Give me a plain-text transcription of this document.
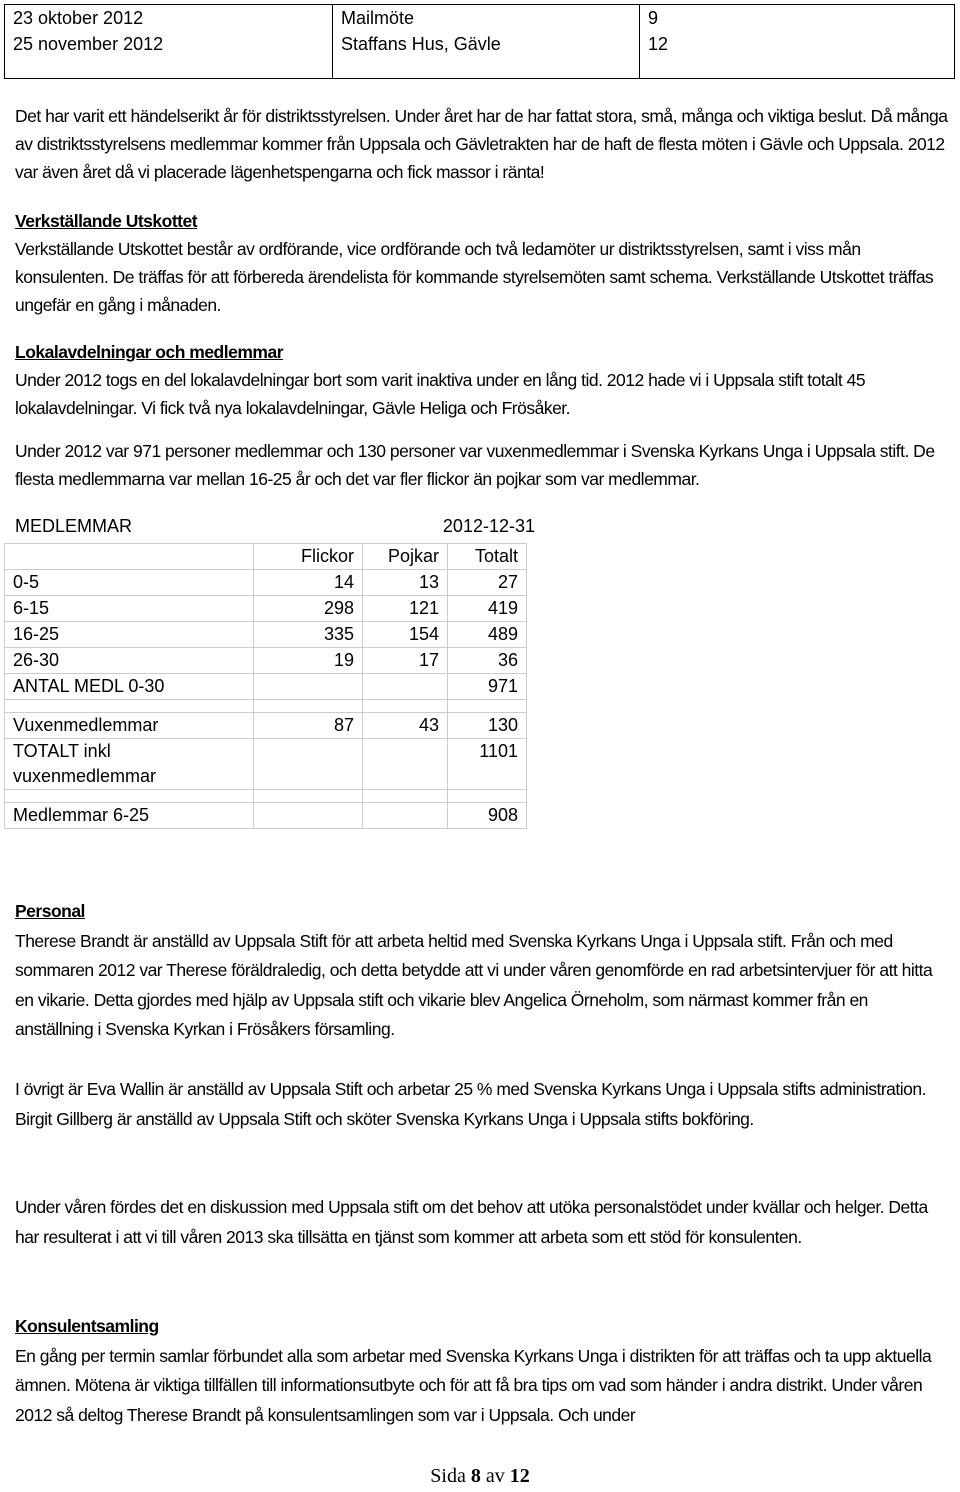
23 oktober 2012
25 november 2012

Mailmöte
Staffans Hus, Gävle

9
12

Det har varit ett händelserikt år för distriktsstyrelsen. Under året har de har fattat stora, små, många och viktiga beslut. Då många av distriktsstyrelsens medlemmar kommer från Uppsala och Gävletrakten har de haft de flesta möten i Gävle och Uppsala. 2012 var även året då vi placerade lägenhetspengarna och fick massor i ränta!

Verkställande Utskottet
Verkställande Utskottet består av ordförande, vice ordförande och två ledamöter ur distriktsstyrelsen, samt i viss mån konsulenten. De träffas för att förbereda ärendelista för kommande styrelsemöten samt schema. Verkställande Utskottet träffas ungefär en gång i månaden.
Lokalavdelningar och medlemmar
Under 2012 togs en del lokalavdelningar bort som varit inaktiva under en lång tid. 2012 hade vi i Uppsala stift totalt 45 lokalavdelningar. Vi fick två nya lokalavdelningar, Gävle Heliga och Frösåker.

Under 2012 var 971 personer medlemmar och 130 personer var vuxenmedlemmar i Svenska Kyrkans Unga i Uppsala stift. De flesta medlemmarna var mellan 16-25 år och det var fler flickor än pojkar som var medlemmar.

MEDLEMMAR	2012-12-31
	Flickor	Pojkar	Totalt
0-5	14	13	27
6-15	298	121	419
16-25	335	154	489
26-30	19	17	36
ANTAL MEDL 0-30			971

Vuxenmedlemmar	87	43	130

TOTALT inkl
vuxenmedlemmar			1101

Medlemmar 6-25			908
Personal
Therese Brandt är anställd av Uppsala Stift för att arbeta heltid med Svenska Kyrkans Unga i Uppsala stift. Från och med sommaren 2012 var Therese föräldraledig, och detta betydde att vi under våren genomförde en rad arbetsintervjuer för att hitta en vikarie. Detta gjordes med hjälp av Uppsala stift och vikarie blev Angelica Örneholm, som närmast kommer från en anställning i Svenska Kyrkan i Frösåkers församling.

I övrigt är Eva Wallin är anställd av Uppsala Stift och arbetar 25 % med Svenska Kyrkans Unga i Uppsala stifts administration. Birgit Gillberg är anställd av Uppsala Stift och sköter Svenska Kyrkans Unga i Uppsala stifts bokföring.

Under våren fördes det en diskussion med Uppsala stift om det behov att utöka personalstödet under kvällar och helger. Detta har resulterat i att vi till våren 2013 ska tillsätta en tjänst som kommer att arbeta som ett stöd för konsulenten.

Konsulentsamling
En gång per termin samlar förbundet alla som arbetar med Svenska Kyrkans Unga i distrikten för att träffas och ta upp aktuella ämnen. Mötena är viktiga tillfällen till informationsutbyte och för att få bra tips om vad som händer i andra distrikt. Under våren 2012 så deltog Therese Brandt på konsulentsamlingen som var i Uppsala. Och under
Sida 8 av 12
